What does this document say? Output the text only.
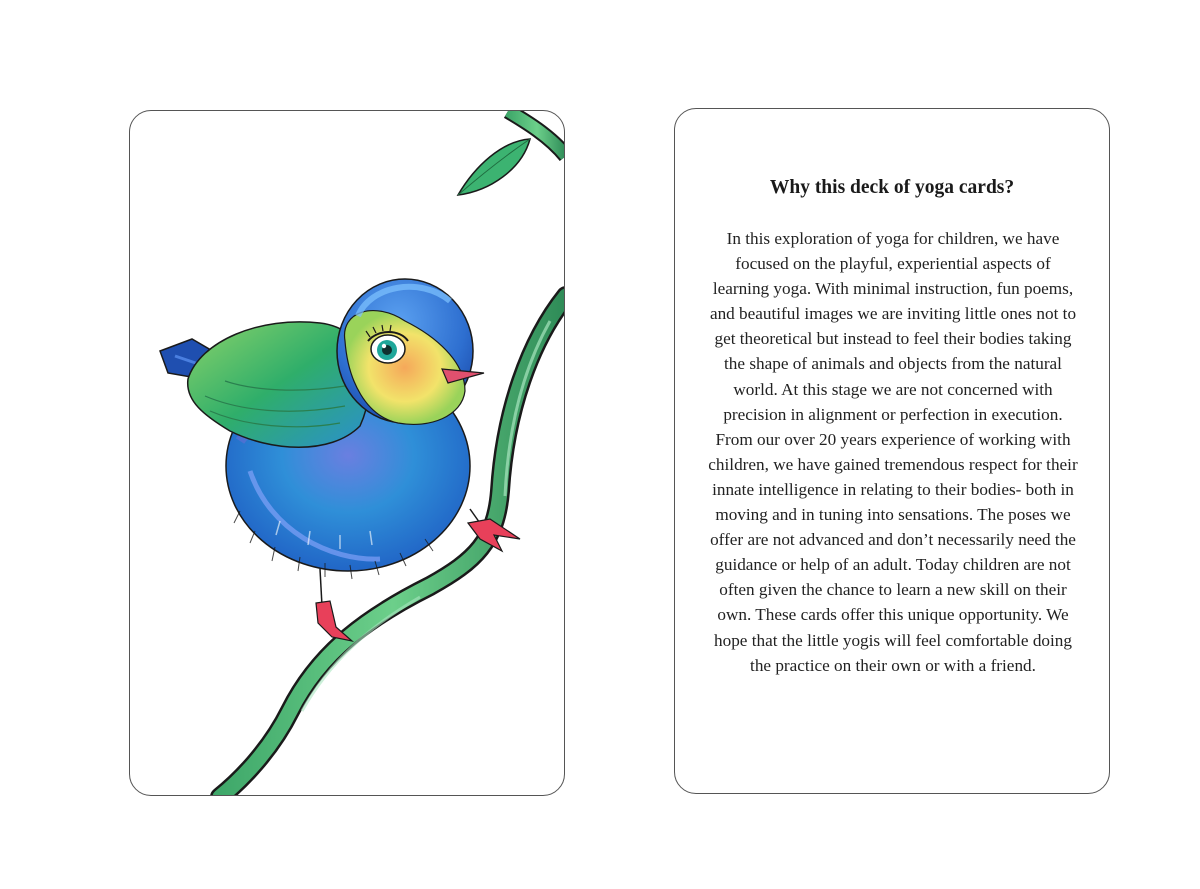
Why this deck of yoga cards?

In this exploration of yoga for children, we have focused on the playful, experiential aspects of learning yoga. With minimal instruction, fun poems, and beautiful images we are inviting little ones not to get theoretical but instead to feel their bodies taking the shape of animals and objects from the natural world. At this stage we are not concerned with precision in alignment or perfection in execution. From our over 20 years experience of working with children, we have gained tremendous respect for their innate intelligence in relating to their bodies- both in moving and in tuning into sensations. The poses we offer are not advanced and don’t necessarily need the guidance or help of an adult. Today children are not often given the chance to learn a new skill on their own. These cards offer this unique opportunity. We hope that the little yogis will feel comfortable doing the practice on their own or with a friend.
